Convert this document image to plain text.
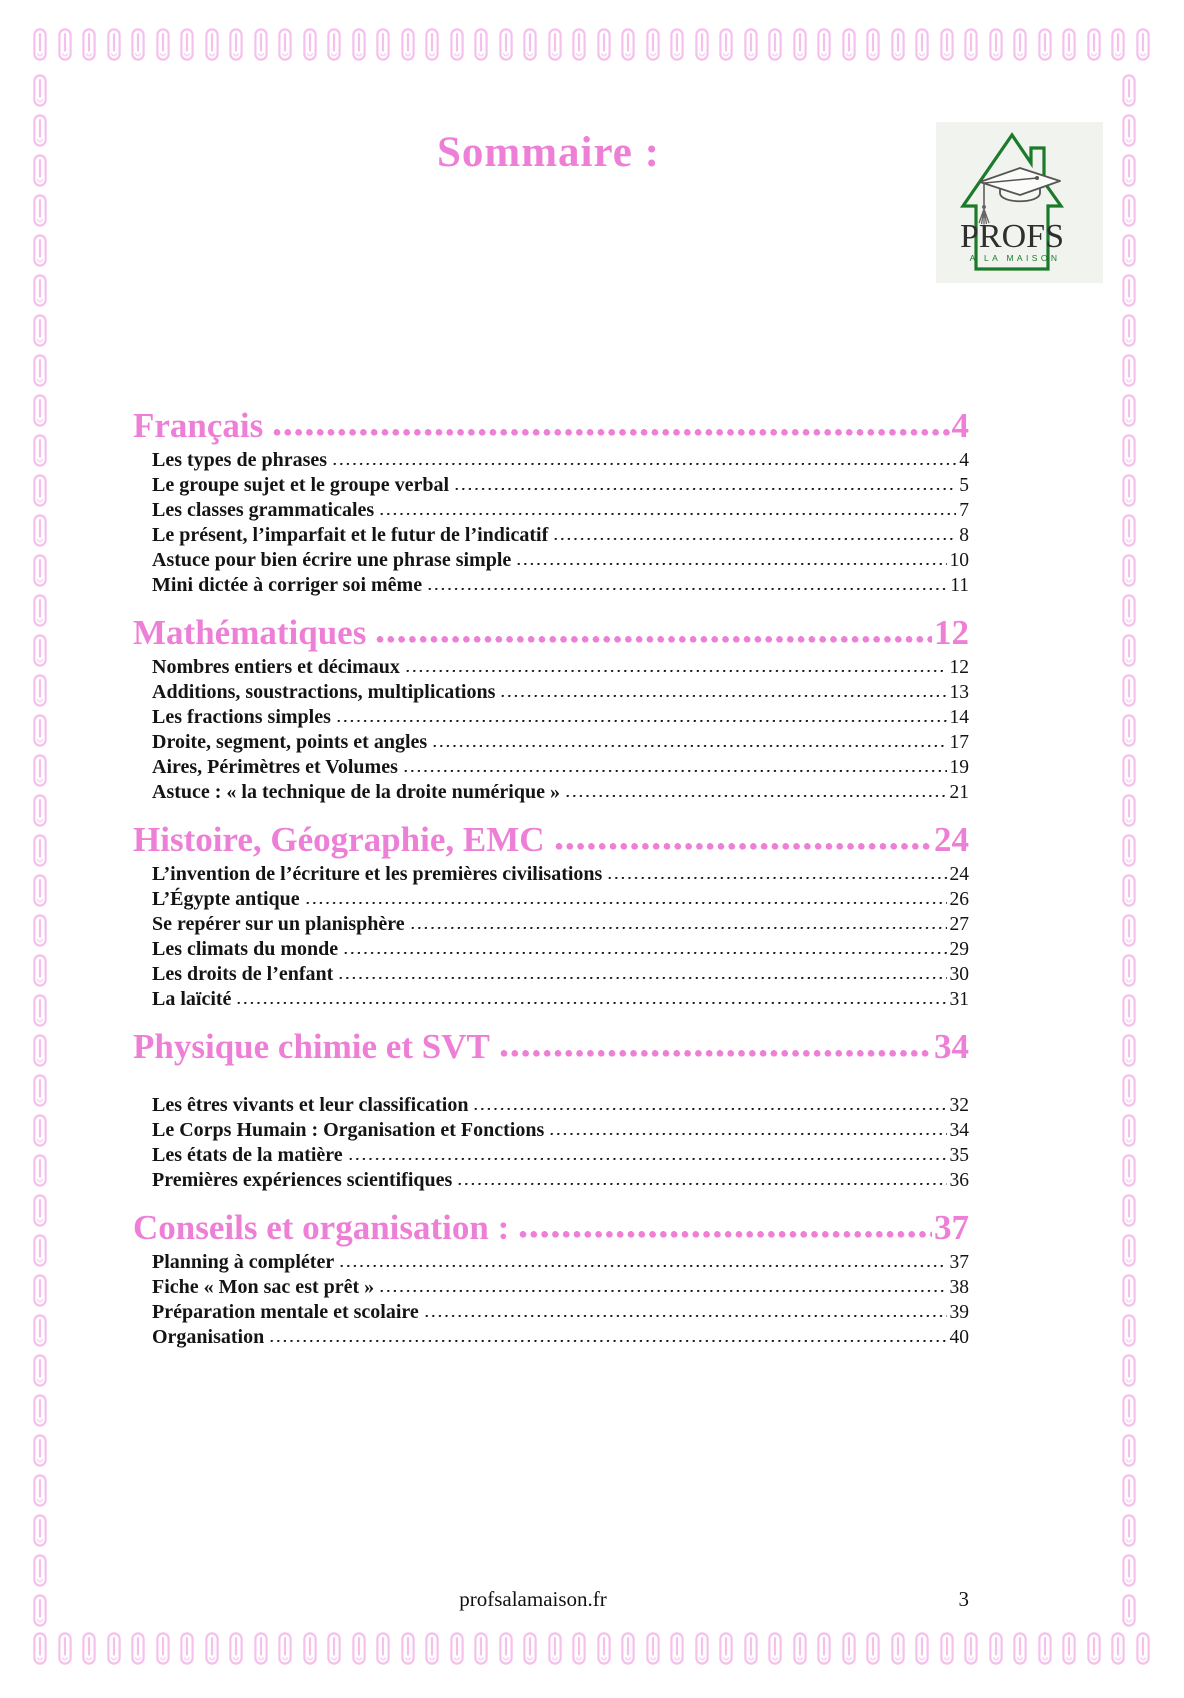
Sommaire :
PROFS
A LA MAISON
Français	4
Les types de phrases	4
Le groupe sujet et le groupe verbal	5
Les classes grammaticales	7
Le présent, l’imparfait et le futur de l’indicatif	8
Astuce pour bien écrire une phrase simple	10
Mini dictée à corriger soi même	11
Mathématiques	12
Nombres entiers et décimaux	12
Additions, soustractions, multiplications	13
Les fractions simples	14
Droite, segment, points et angles	17
Aires, Périmètres et Volumes	19
Astuce : « la technique de la droite numérique »	21
Histoire, Géographie, EMC	24
L’invention de l’écriture et les premières civilisations	24
L’Égypte antique	26
Se repérer sur un planisphère	27
Les climats du monde	29
Les droits de l’enfant	30
La laïcité	31
Physique chimie et SVT	34
Les êtres vivants et leur classification	32
Le Corps Humain : Organisation et Fonctions	34
Les états de la matière	35
Premières expériences scientifiques	36
Conseils et organisation :	37
Planning à compléter	37
Fiche « Mon sac est prêt »	38
Préparation mentale et scolaire	39
Organisation	40
profsalamaison.fr	3
